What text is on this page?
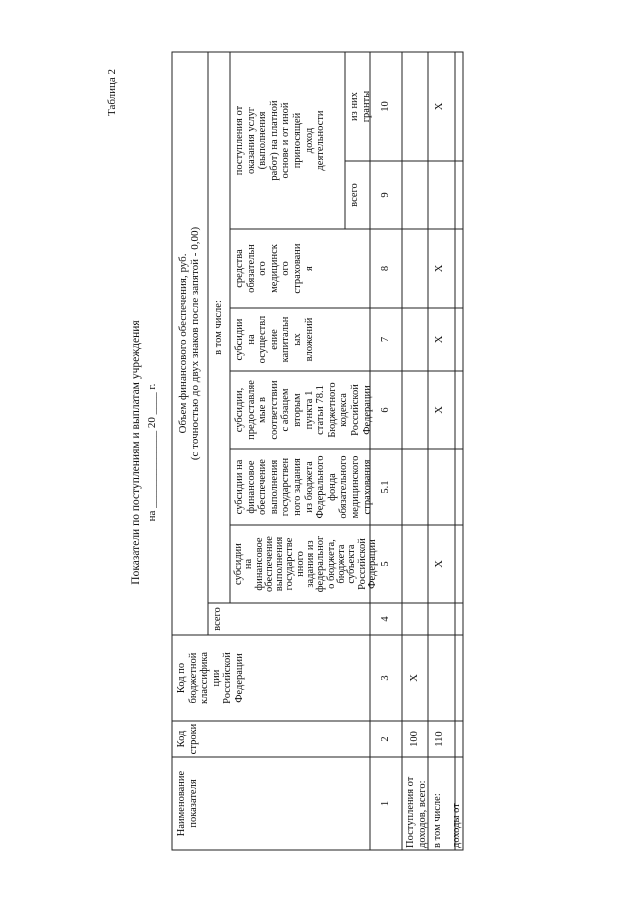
Таблица 2
Показатели по поступлениям и выплатам учреждения на ______________ 20 ____ г.
Наименование
показателя
Код
строки
Код по
бюджетной
классифика
ции
Российской
Федерации
Объем финансового обеспечения, руб.
(с точностью до двух знаков после запятой - 0,00)
всего
в том числе:
субсидии
на
финансовое
обеспечение
выполнения
государстве
нного
задания из
федеральног
о бюджета,
бюджета
субъекта
Российской
Федерации
субсидии на
финансовое
обеспечение
выполнения
государствен
ного задания
из бюджета
Федерального
фонда
обязательного
медицинского
страхования
субсидии,
предоставляе
мые в
соответствии
с абзацем
вторым
пункта 1
статьи 78.1
Бюджетного
кодекса
Российской
Федерации
субсидии
на
осуществл
ение
капитальн
ых
вложений
средства
обязательн
ого
медицинск
ого
страховани
я
поступления от
оказания услуг
(выполнения
работ) на платной
основе и от иной
приносящей
доход
деятельности
всего
из них
гранты
1
2
3
4
5
5.1
6
7
8
9
10
Поступления от
доходов, всего:
100
X
в том числе: доходы от
110
X
X
X
X
X
